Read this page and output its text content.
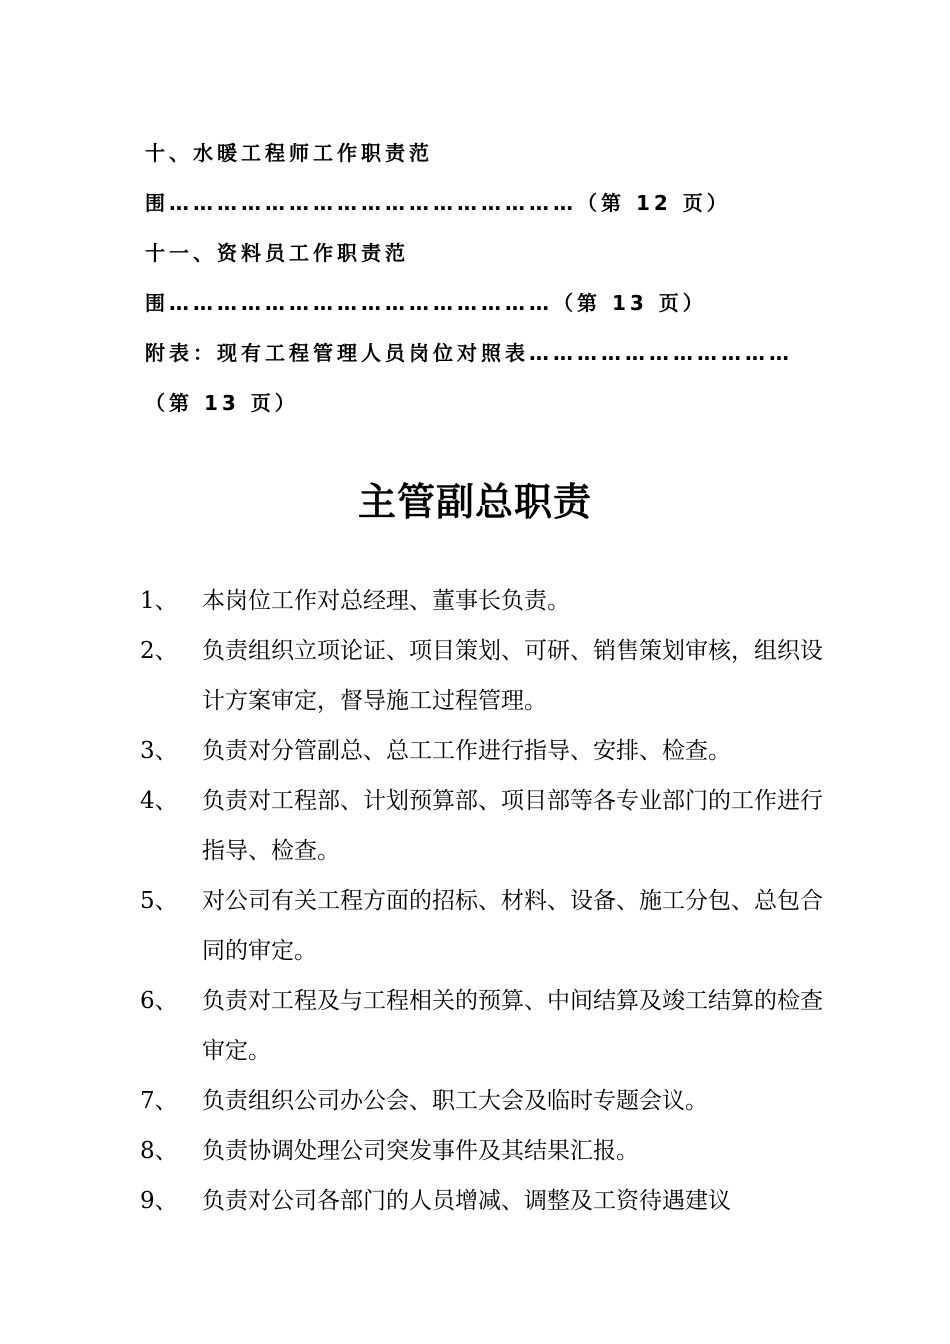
十、水暖工程师工作职责范围……………………………………………（第 12 页）
十一、资料员工作职责范围…………………………………………（第 13 页）
附表：现有工程管理人员岗位对照表……………………………（第 13 页）
主管副总职责
1、	本岗位工作对总经理、董事长负责。
2、	负责组织立项论证、项目策划、可研、销售策划审核，组织设计方案审定，督导施工过程管理。
3、	负责对分管副总、总工工作进行指导、安排、检查。
4、	负责对工程部、计划预算部、项目部等各专业部门的工作进行指导、检查。
5、	对公司有关工程方面的招标、材料、设备、施工分包、总包合同的审定。
6、	负责对工程及与工程相关的预算、中间结算及竣工结算的检查审定。
7、	负责组织公司办公会、职工大会及临时专题会议。
8、	负责协调处理公司突发事件及其结果汇报。
9、	负责对公司各部门的人员增减、调整及工资待遇建议
